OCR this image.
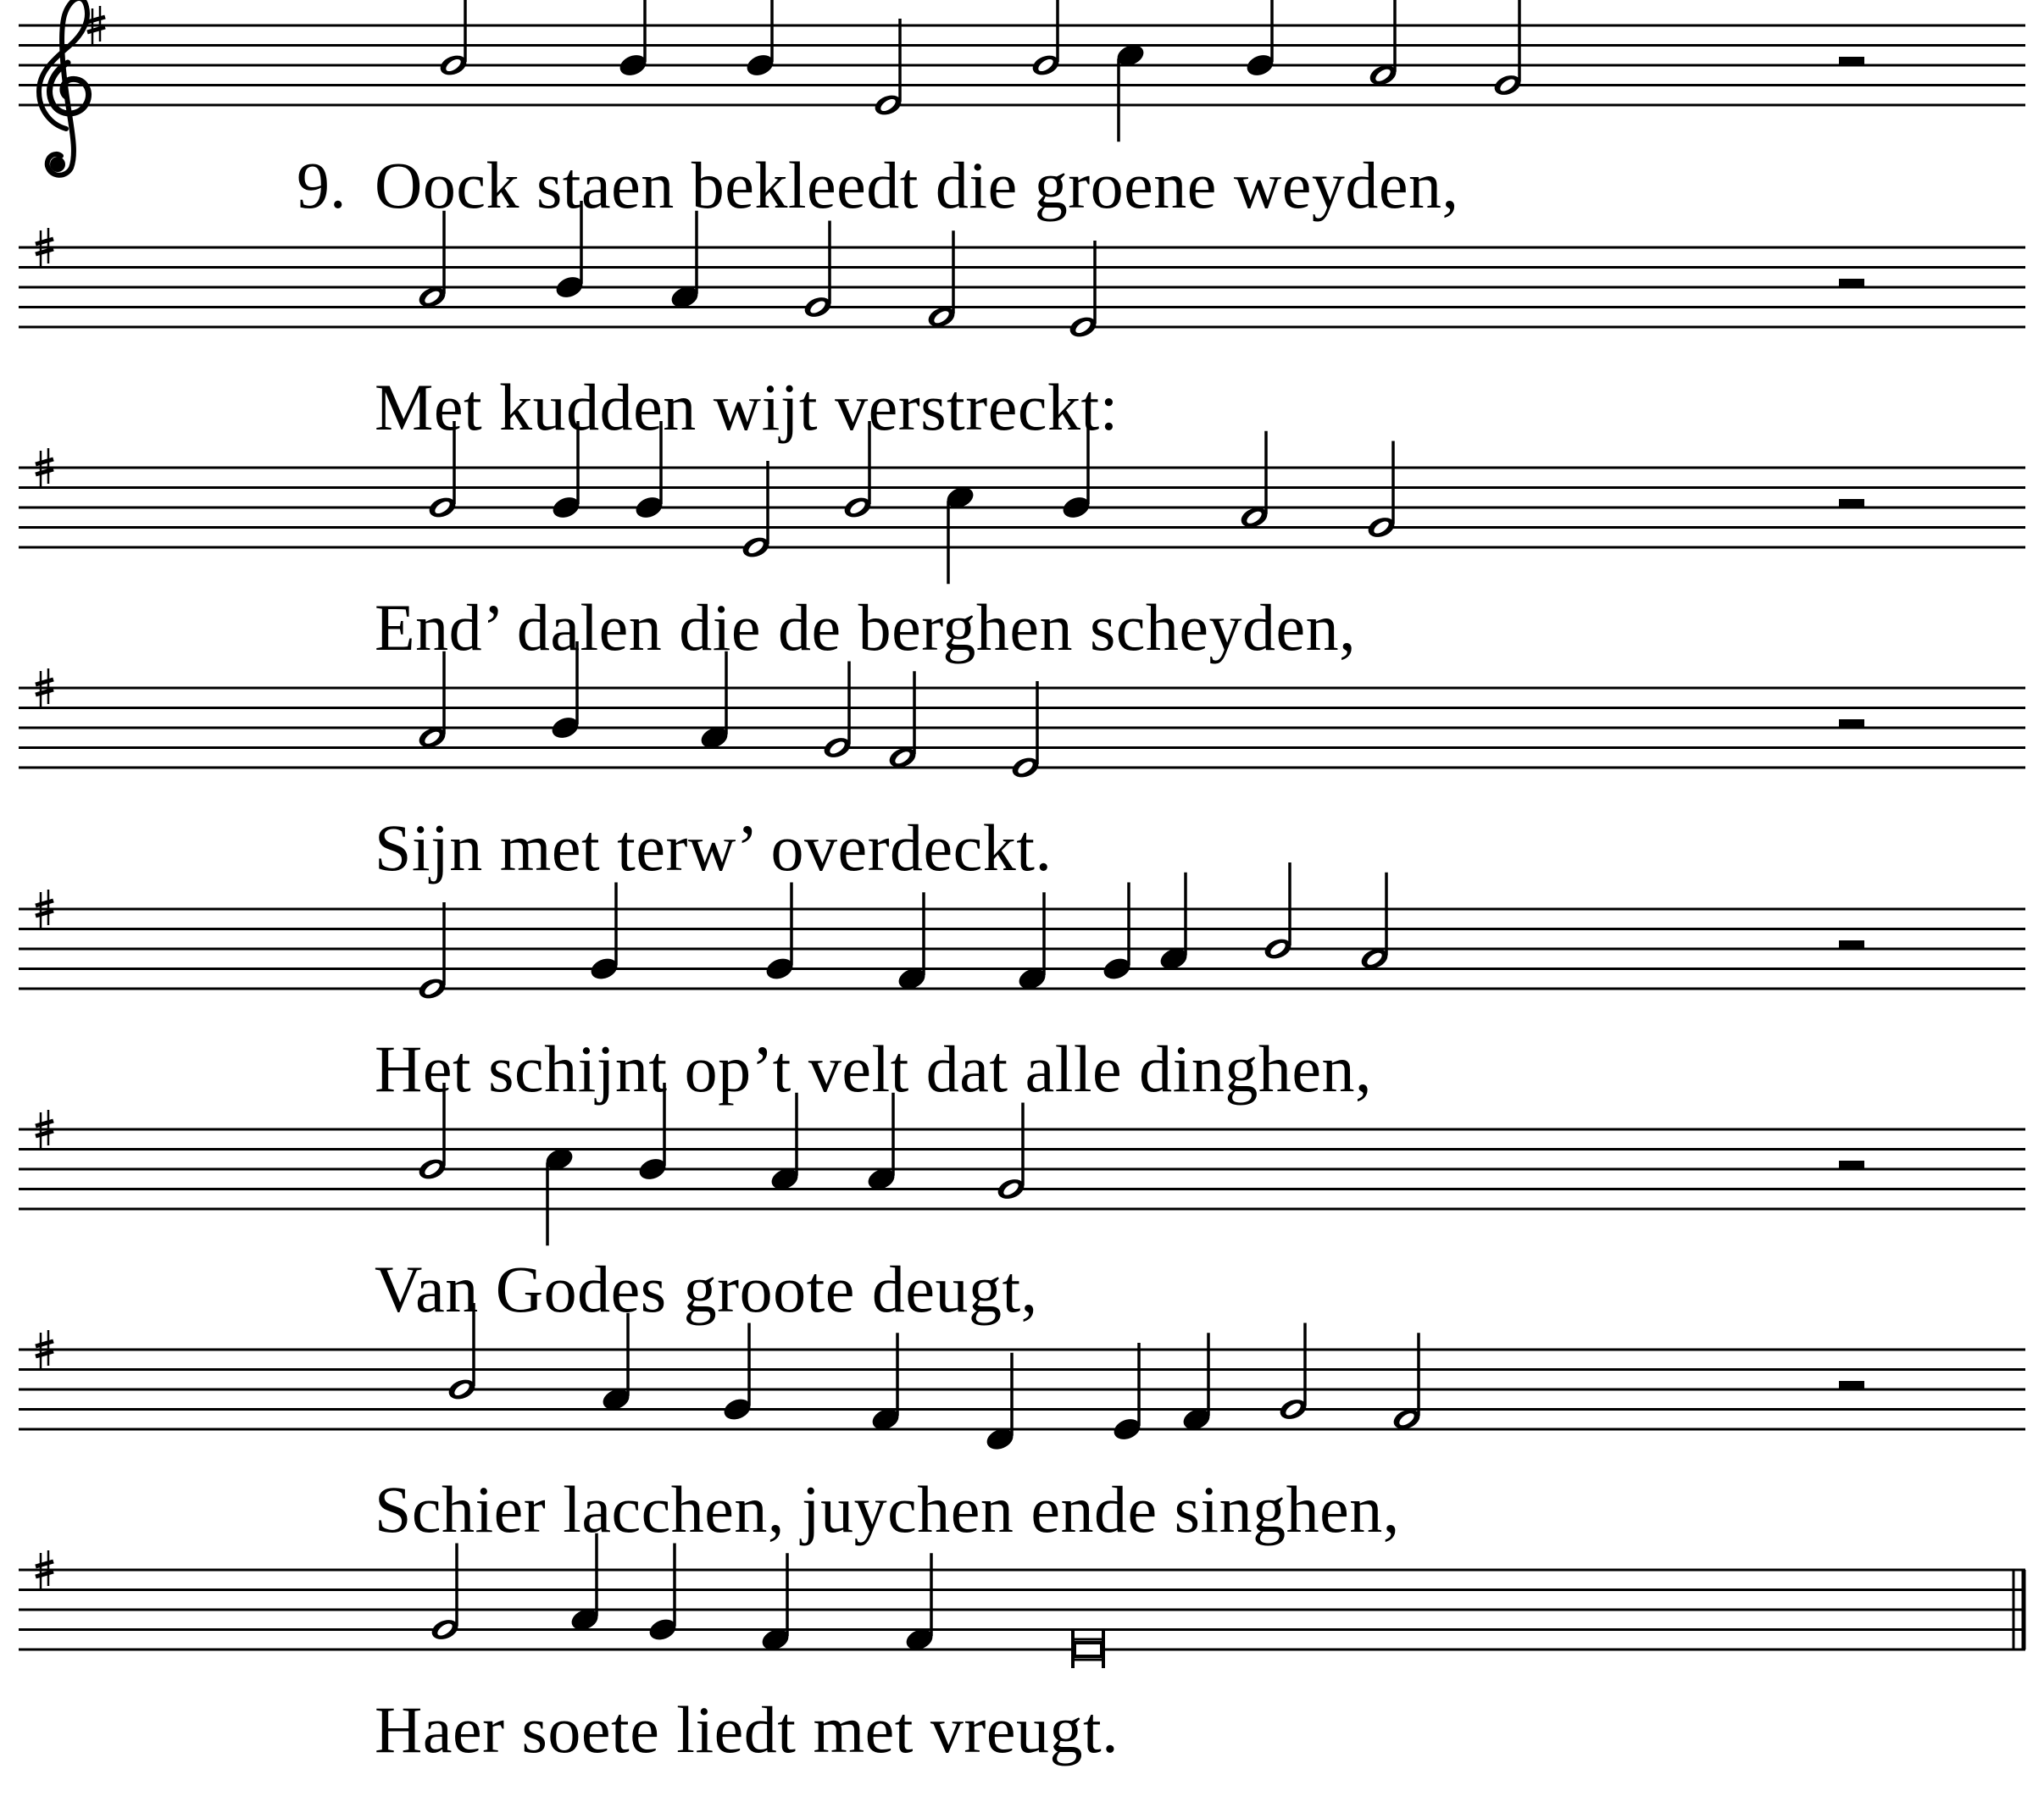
Oock staen bekleedt die groene weyden,
9.
Met kudden wijt verstreckt:
End’ dalen die de berghen scheyden,
Sijn met terw’ overdeckt.
Het schijnt op’t velt dat alle dinghen,
Van Godes groote deugt,
Schier lacchen, juychen ende singhen,
Haer soete liedt met vreugt.
